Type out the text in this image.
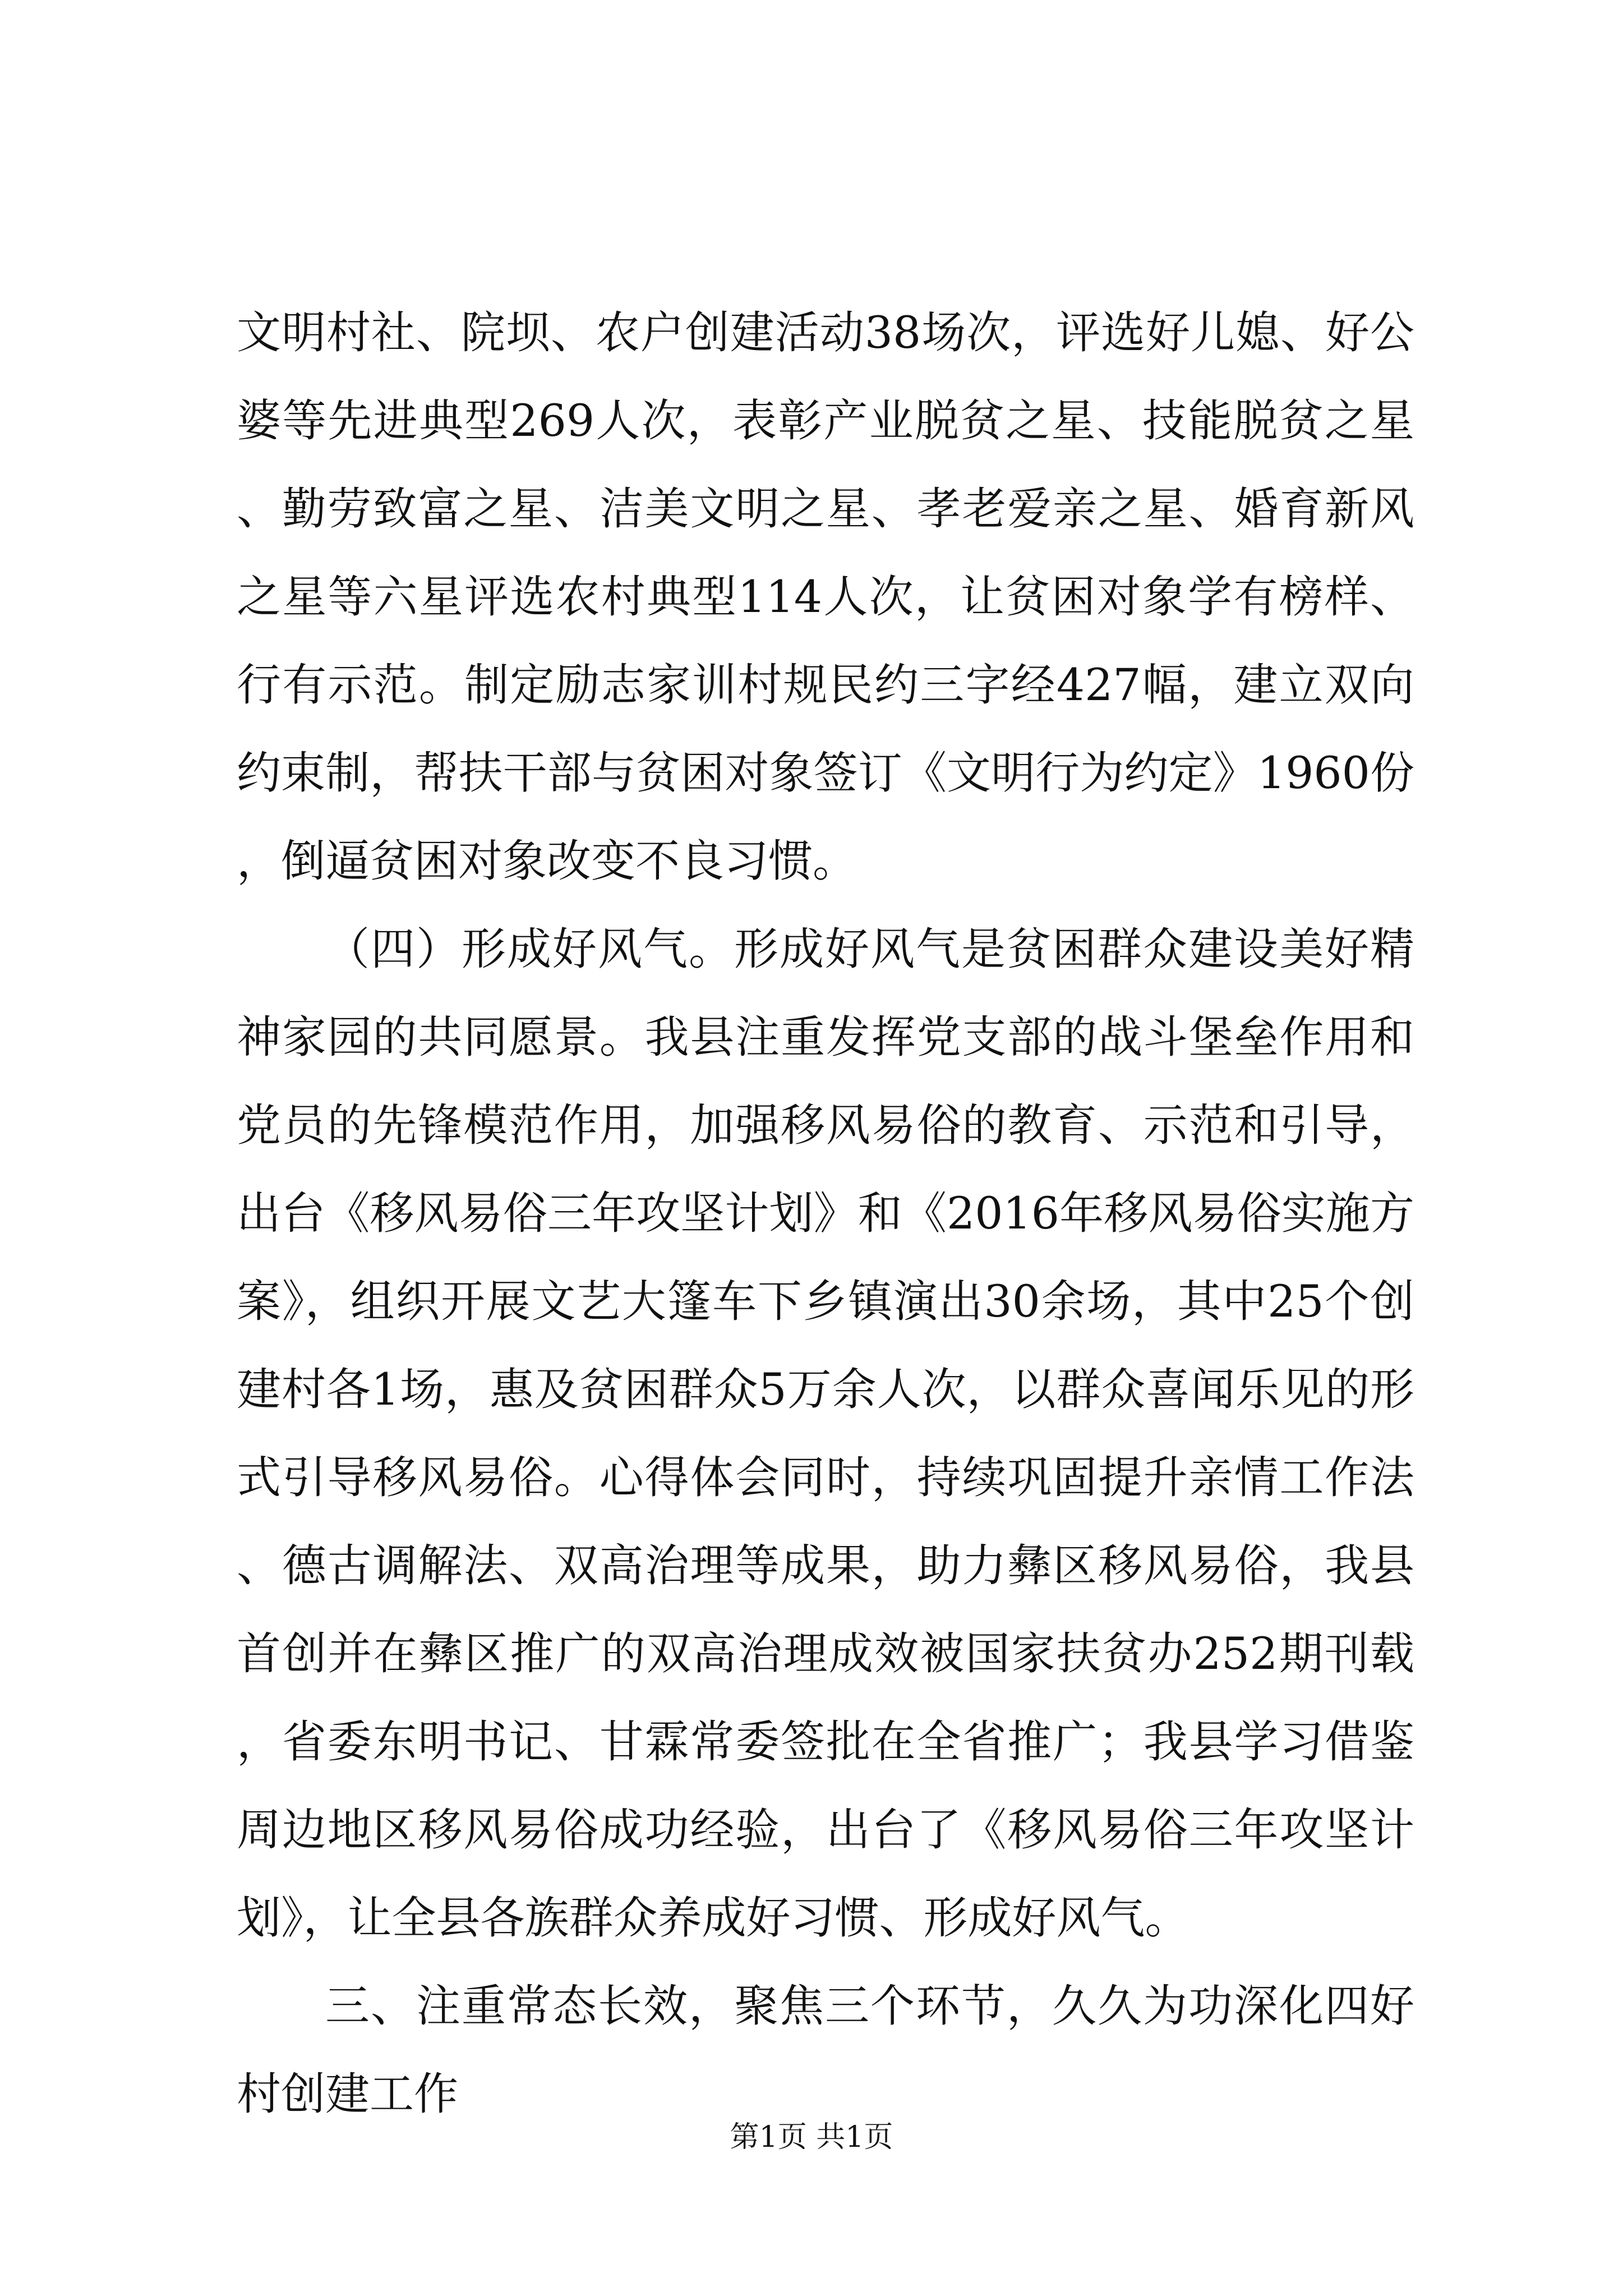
文明村社、院坝、农户创建活动38场次，评选好儿媳、好公婆等先进典型269人次，表彰产业脱贫之星、技能脱贫之星、勤劳致富之星、洁美文明之星、孝老爱亲之星、婚育新风之星等六星评选农村典型114人次，让贫困对象学有榜样、行有示范。制定励志家训村规民约三字经427幅，建立双向约束制，帮扶干部与贫困对象签订《文明行为约定》1960份，倒逼贫困对象改变不良习惯。

（四）形成好风气。形成好风气是贫困群众建设美好精神家园的共同愿景。我县注重发挥党支部的战斗堡垒作用和党员的先锋模范作用，加强移风易俗的教育、示范和引导，出台《移风易俗三年攻坚计划》和《2016年移风易俗实施方案》，组织开展文艺大篷车下乡镇演出30余场，其中25个创建村各1场，惠及贫困群众5万余人次，以群众喜闻乐见的形式引导移风易俗。心得体会同时，持续巩固提升亲情工作法、德古调解法、双高治理等成果，助力彝区移风易俗，我县首创并在彝区推广的双高治理成效被国家扶贫办252期刊载，省委东明书记、甘霖常委签批在全省推广；我县学习借鉴周边地区移风易俗成功经验，出台了《移风易俗三年攻坚计划》，让全县各族群众养成好习惯、形成好风气。

三、注重常态长效，聚焦三个环节，久久为功深化四好村创建工作

第1页 共1页
